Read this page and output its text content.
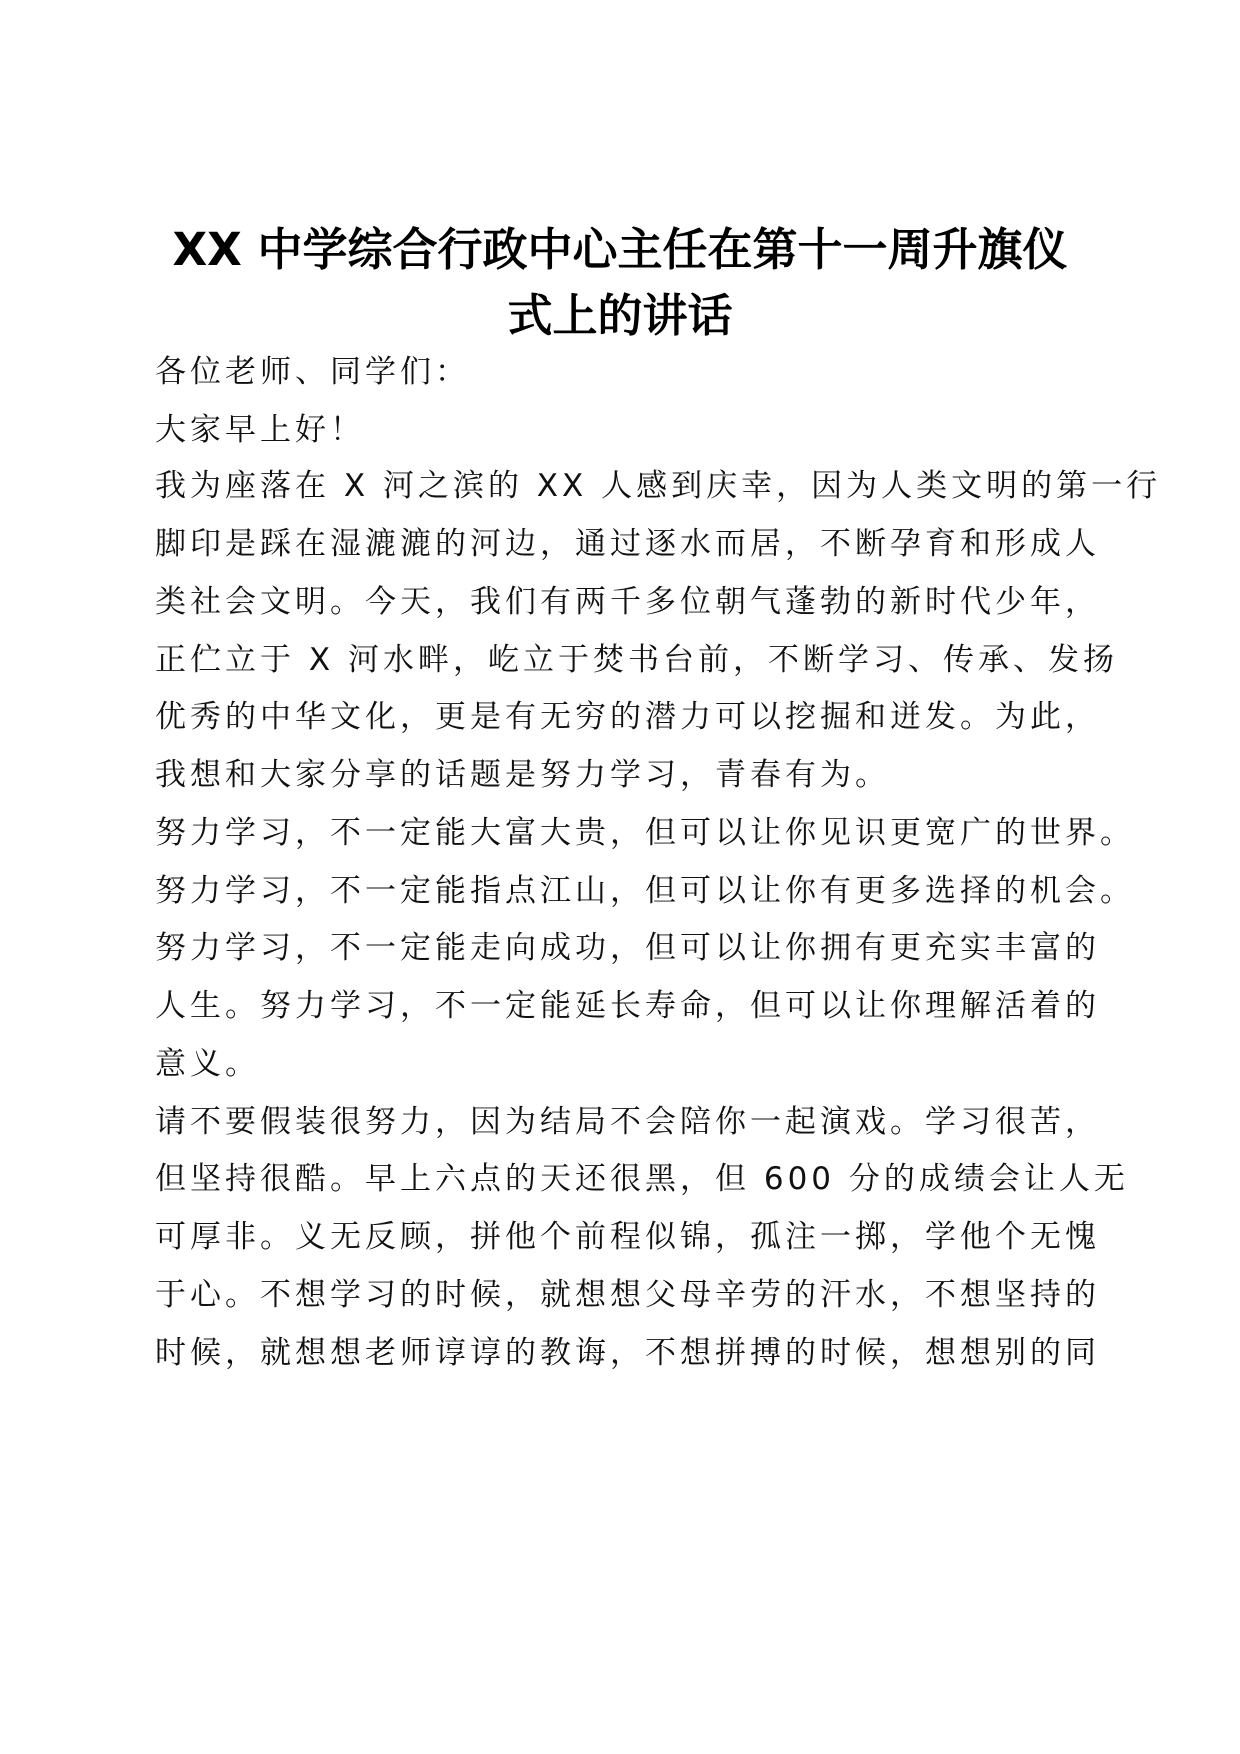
XX 中学综合行政中心主任在第十一周升旗仪
式上的讲话

各位老师、同学们：

大家早上好！

我为座落在 X 河之滨的 XX 人感到庆幸，因为人类文明的第一行

脚印是踩在湿漉漉的河边，通过逐水而居，不断孕育和形成人

类社会文明。今天，我们有两千多位朝气蓬勃的新时代少年，

正伫立于 X 河水畔，屹立于焚书台前，不断学习、传承、发扬

优秀的中华文化，更是有无穷的潜力可以挖掘和迸发。为此，

我想和大家分享的话题是努力学习，青春有为。

努力学习，不一定能大富大贵，但可以让你见识更宽广的世界。

努力学习，不一定能指点江山，但可以让你有更多选择的机会。

努力学习，不一定能走向成功，但可以让你拥有更充实丰富的

人生。努力学习，不一定能延长寿命，但可以让你理解活着的

意义。

请不要假装很努力，因为结局不会陪你一起演戏。学习很苦，

但坚持很酷。早上六点的天还很黑，但 600 分的成绩会让人无

可厚非。义无反顾，拼他个前程似锦，孤注一掷，学他个无愧

于心。不想学习的时候，就想想父母辛劳的汗水，不想坚持的

时候，就想想老师谆谆的教诲，不想拼搏的时候，想想别的同
